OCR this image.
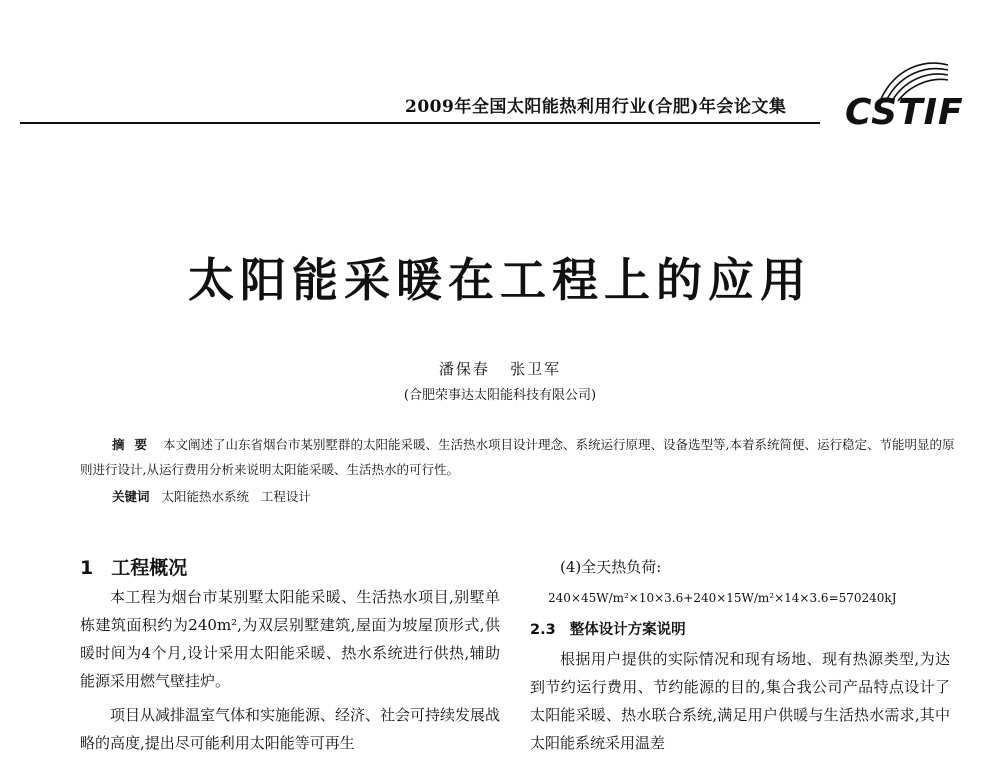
2009年全国太阳能热利用行业(合肥)年会论文集 CSTIF
太阳能采暖在工程上的应用
潘保春   张卫军
(合肥荣事达太阳能科技有限公司)
摘要 本文阐述了山东省烟台市某别墅群的太阳能采暖、生活热水项目设计理念、系统运行原理、设备选型等,本着系统简便、运行稳定、节能明显的原则进行设计,从运行费用分析来说明太阳能采暖、生活热水的可行性。
关键词 太阳能热水系统   工程设计
1 工程概况

本工程为烟台市某别墅太阳能采暖、生活热水项目,别墅单栋建筑面积约为240m²,为双层别墅建筑,屋面为坡屋顶形式,供暖时间为4个月,设计采用太阳能采暖、热水系统进行供热,辅助能源采用燃气壁挂炉。

项目从减排温室气体和实施能源、经济、社会可持续发展战略的高度,提出尽可能利用太阳能等可再生

(4)全天热负荷:

240×45W/m²×10×3.6+240×15W/m²×14×3.6=570240kJ

2.3 整体设计方案说明

根据用户提供的实际情况和现有场地、现有热源类型,为达到节约运行费用、节约能源的目的,集合我公司产品特点设计了太阳能采暖、热水联合系统,满足用户供暖与生活热水需求,其中太阳能系统采用温差
